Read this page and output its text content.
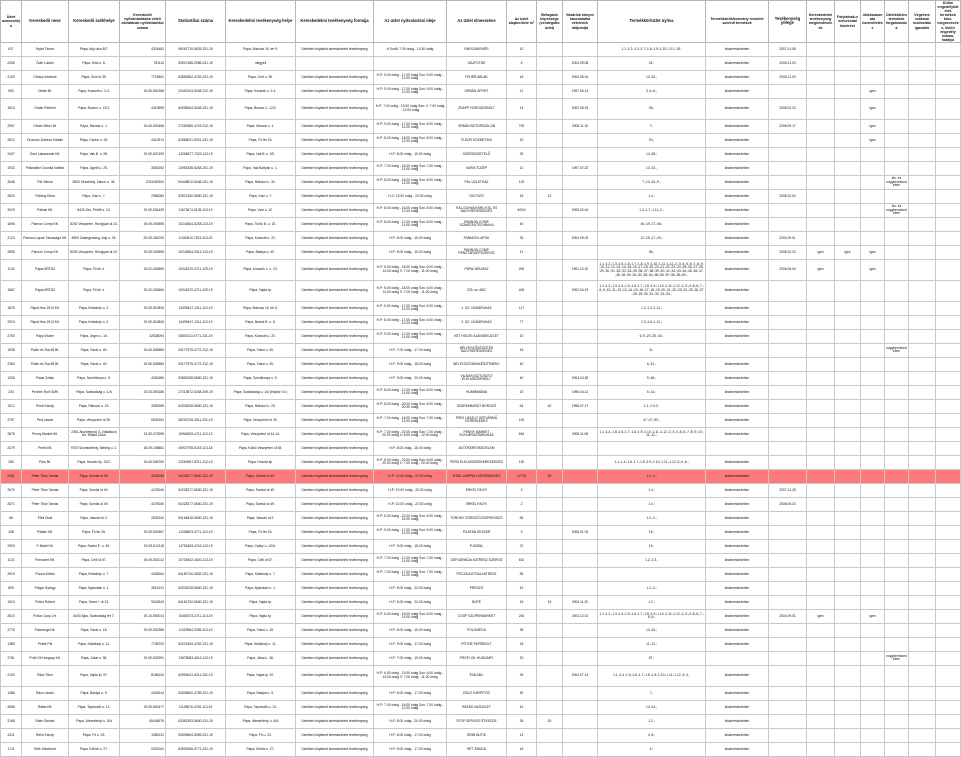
Üzlet azonosítója	Kereskedő neve	Kereskedő székhelye	Kereskedő nyilvántartásba vételi okiratának nyilvántartási száma	Statisztikai száma	Kereskedelmi tevékenység helye	Kereskedelmi tevékenység formája	Az üzlet nyitvatartási ideje	Az üzlet elnevezése	Az üzlet alapterülete m²	Befogadó képessége (vendéglátó üzlet)	Vásárlók könyve használatba vételének időpontja	Termékkör/üzlet nyitva	Termékkörök/kormány rendelet szerinti termékek	Tevékenység jellege	Kereskedelmi tevékenység megkezdésének	Folytatnak-e szeszesital kimérést	Játékautomata üzemeltetése	Üzletköteles termékek forgalmazása	Végzésre szakmai módosítás igazolás	Külön engedélyköteles termékek köre, megnevezése, külön engedély száma, hatálya
617	Nyári Tímea	Pápa, Ady utca 8/7.	4324481	56267710-5629-231-19	Pápa, Március 15. tér 9.	Üzletben folytatott kereskedelmi tevékenység	H Szo8: 7:30 óráig - 13:30 óráig	FAKSZAKRUÉR	10			1.1.;1.2.;1.3.;1.7.;1.8.;1.9.;1.10.;1.11.;18.;	kiskereskedelem	2007.01.08						
2396	Őder László	Pápa, Hósi u. 6.	781114	53947488-2956-231-19	megyeil			GÁZFÜTÁR	6		2004.09.08	24.;	kiskereskedelem	2006.11.03						
2109	Orbáry Istvánné	Pápa, Gróf út 39.	7718501	63883552-4752-231-19	Pápa, Gróf u. 39.	Üzletben folytatott kereskedelmi tevékenység	H-P: 9.00 óráig - 17.00 óráig Szo: 9.00 óráig - 12.00 óráig	FEHÉR ABLAK	16		2004.06.04	14.;15.;	kiskereskedelem	2008.11.03						
593	Orbán Bt.	Pápa, Kossuth u. 2-4.	19-06-501368	22430103-5248-212-19	Pápa, Kossuth u. 2-4.	Üzletben folytatott kereskedelmi tevékenység	H-P: 9.00 óráig - 17.00 óráig Szo: 9.00 óráig - 12.00 óráig	ORBÁN SPORT	21		1997.06.13	3.;4.;6.;	kiskereskedelem				igen			
1614	Orbán Péterné	Pápa, Bocsor u. 12/3.	4413599	54098264-5248-231-19	Pápa, Bocsor u. 12/3.	Üzletben folytatott kereskedelmi tevékenység	H-P: 7.00 óráig - 19.00 óráig Szo: V: 7.00 óráig - 12.00 óráig	ZNAPP HORGÁSZBOLT	14		2002.05.15	26.;	kiskereskedelem	2005.02.22			igen			
2557	Orbán Sébio Bt.	Pápa, Mezsár u. 1.	19-06-503456	27262986-4719-212-19	Pápa, Mezsár u. 1.	Üzletben folytatott kereskedelmi tevékenység	H-P: 9.00 óráig - 17.00 óráig Szo: 8.00 óráig - 12.00 óráig	ORBÁN BÚTORSZALON	700		2006.11.10	7.;	kiskereskedelem	2008.09.17			igen			
2512	Orosvicz-Dubecz Katalin	Pápa, Csutor u. 25.	4412574	61569021-9021-231-19	Pápa, Fő tér 23.	Üzletben folytatott kereskedelmi tevékenység	H-P: 8.00 óráig - 18.00 óráig Szo: 8.00 óráig - 12.00 óráig	FLEÚR KOZMETIKA	20			20.;	kiskereskedelem				igen			
2407	Ózer Lakásszaló Kft.	Pápa, Vak B. u. 59.	19-09-507493	13256577-7023-113-19	Pápa, Vak B. u. 59.	Üzletben folytatott kereskedelmi tevékenység	H-P: 8.00 óráig - 16.00 óráig	ÓZERSZIGETELŐ	25			14.;48.;	kiskereskedelem							
1933	Pálcsáfiné Csonka Valéria	Pápa, Ügető u. 25.	3054292	13953338-5248-231-19	Pápa, Vak Bottyán u. 1.	Üzletben folytatott kereskedelmi tevékenység	H-P: 7.00 óráig - 16.00 óráig Szo: 7.00 óráig - 12.00 óráig	VARIA TÜZÉP	12		1997.07.22	14.;23.;	kiskereskedelem							
2648	Pál Vilmos	8300 Keszthely, Zamor u. 36.	2011090303	54448810-5246-231-19	Pápa, Rákóczi u. 30.	Üzletben folytatott kereskedelmi tevékenység	H-P: 8.00 óráig - 16.00 óráig Szo: 8.00 óráig - 12.00 óráig	PÁL ÜZLETHÁZ	102			7.;14.;15.;9.;	kiskereskedelem					kis- és nagykereskedelem		
2820	Pallang Erika	Pápa, Vázi u. 7.	2966083	53921280-5630-231-19	Pápa, Vázi u. 7.	Üzletben folytatott kereskedelmi tevékenység	H-V: 13.00 óráig - 20.00 óráig	FAGYIZÓ	16	12		1.4.;	kiskereskedelem	2008.10.02						
2019	Pálmai Kft.	8420 Zirc, Petőfi u. 14.	19-09-504439	11673874-5139-113-19	Pápa, Vázi u. 12.	Üzletben folytatott kereskedelmi tevékenység	H-P: 8.00 óráig - 16.00 óráig Szo: 8.00 óráig - 12.00 óráig	ITAL-DOHÁNYÁRU KIS- ÉS NAGYKERESKEDÉS	400/4		2009.02.04	1.3.;1.7.;1.11.;2.;	kiskereskedelem					kis- és nagykereskedelem		
1696	Pannon Comp Kft.	8200 Veszprém, Hóvigyári út 24.	19-09-000595	10242664-5248-113-19	Pápa, Türök B. u. 15.	Üzletben folytatott kereskedelmi tevékenység	H-P: 8.00 óráig - 17.00 óráig Szo: 8.00 óráig - 12.00 óráig	PANNON COMP SZÁMÍTÁSTECHNIKAI	40			46.;19.;17.;46.;	kiskereskedelem							
2124	Pannon Lapok Társasága Kft.	8900 Zalaegerszeg, Ady u. 35.	20-09-061030	11340510-7513-113-20	Pápa, Kossuth u. 22.	Üzletben folytatott kereskedelmi tevékenység	H-P: 8.00 óráig - 16.00 óráig	PANNON LAPOK	33		2004.09.03	12.;16.;17.;43.;	kiskereskedelem	2004.09.01						
2895	Pannon Comp Kft.	8200 Veszprém, Hóvigyári út 24.	19-09-000595	10242664-3312-113-19	Pápa, Bástya u. 40.	Üzletben folytatott kereskedelmi tevékenység	H-P: 8.00 óráig - 16.00 óráig	PANNON COMP PÉNZTÁRGÉPSZERVÍZ	11			55.;	kiskereskedelem	2008.10.22	igen	igen	igen			
1140	Pápai ÁFÉSZ	Pápa, Fő tér 4.	19-02-000660	10042470-4711-129-19	Pápa, Kossuth L. u. 13.	Üzletben folytatott kereskedelmi tevékenység	H-P: 6.00 óráig - 18.00 óráig Szo: 6.00 óráig - 14.00 óráig V: 7.00 óráig - 11.00 óráig	PÁPAI ÁRUHÁZ	200		1991.12.20	1.1.;1.2.;1.3.;1.5.;1.6.;1.7.;1.8.;1.9.;1.10.;1.11.;1.12.;2.;3.;4.;5.;6.;7.;8.;9.;10.;11.;12.;13.;14.;15.;16.;17.;18.;19.;20.;21.;22.;23.;24.;25.;26.;27.;28.;29.;30.;31.;32.;33.;34.;35.;36.;37.;38.;39.;40.;41.;42.;43.;44.;45.;46.;47.;48.;49.;50.;51.;52.;53.;54.;55.;56.;57.;58.;59.;60.;	kiskereskedelem	2006.06.04	igen		igen			
1867	Pápai ÁFÉSZ	Pápa, Fő tér 4.	19-02-000660	10042470-4711-129-19	Pápa, Vajda tp.	Üzletben folytatott kereskedelmi tevékenység	H-P: 6.00 óráig - 18.00 óráig Szo: 6.00 óráig - 14.00 óráig V: 7.00 óráig - 11.00 óráig	203. sz. ABC	400		2002.04.19	1.1.;1.2.;1.3.;1.4.;1.5.;1.6.;1.7.;1.8.;1.9.;1.10.;1.11.;1.12.;2.;3.;4.;5.;6.;7.;8.;9.;10.;11.;12.;13.;14.;15.;16.;17.;18.;19.;20.;21.;22.;23.;24.;25.;26.;27.;28.;29.;30.;31.;32.;33.;34.;	kiskereskedelem							
1875	Pápai Hús 1913 Kft.	Pápa, Kisfaludy u. 2.	19-09-510826	14495447-1011-113-19	Pápa, Március 15. tér 8.	Üzletben folytatott kereskedelmi tevékenység	H-P: 6.00 óráig - 17.00 óráig Szo: 6.00 óráig - 12.00 óráig	1. SZ. HÚSÁRUHÁZ	117			1.2.;1.3.;1.11.;	kiskereskedelem							
2924	Pápai Hús 1913 Kft.	Pápa, Kisfaludy u. 2.	19-09-510826	14495447-1011-113-19	Pápa, Bartók B. u. 8.	Üzletben folytatott kereskedelmi tevékenység	H-P: 6.00 óráig - 17.00 óráig Szo: 6.00 óráig - 12.00 óráig	2. SZ. HÚSÁRUHÁZ	77			1.3.;1.6.;1.11.;	kiskereskedelem							
2750	Papp Eszter	Pápa, Jegec u. 16.	42528094	63501113-4771-231-19	Pápa, Kossuth u. 20.	Üzletben folytatott kereskedelmi tevékenység	H-P: 9.00 óráig - 17.00 óráig Szo: 9.00 óráig - 12.00 óráig	KÉT HÖLKE AJÁNDÉKÜZLET	20			6.;9.;20.;25.;43.;	kiskereskedelem							
1938	Patkó és Tsa 98 Bt.	Pápa, Vázsi u. 40.	19-06-506583	20177975-4772-212-19	Pápa, Vázsi u. 40.	Üzletben folytatott kereskedelmi tevékenység	H-P: 7.00 óráig - 17.00 óráig	BÉLYEGZŐKÉSZÍTÉS NAGYKERESKEDÉS	15			6.;						nagykereskedelem		
2384	Patkó és Tsa 98 Bt.	Pápa, Vázsi u. 40.	19-06-506583	20177975-4772-212-19	Pápa, Vázsi u. 40.	Üzletben folytatott kereskedelmi tevékenység	H-P: 9.00 óráig - 18.00 óráig	BÉLYEGZŐ/ÁRAKÉSZÍTMÉNY	40			6.;41.;	kiskereskedelem							
1306	Pávai Zoltán	Pápa, Szentilonya u. 5.	4391680	53892258-5630-231-19	Pápa, Szentilonya u. 5.	Üzletben folytatott kereskedelmi tevékenység	H-P: 9.00 óráig - 20.00 óráig	VILÁGKOSZTOSZTÓ ÉLELMISZERBOLT	40		2004.04.28	9.;46.;	kiskereskedelem							
234	Pechler Rolf GMK	Pápa, Szabadság u. 1/A	19-03-500186	27213872-5248-249-19	Pápa, Szabadság u. 1/A (Hajdúr 10.)	Üzletben folytatott kereskedelmi tevékenység	H-P: 8.00 óráig - 17.00 óráig Szo: 8.00 óráig - 12.00 óráig	HUMMIMÁMA	15		1995.04.12	5.;14.;	kiskereskedelem							
1012	Perdi Károly	Pápa, Rákóczi u. 23.	3355269	54333008-5630-231-19	Pápa, Rákóczi u. 23.	Üzletben folytatott kereskedelmi tevékenység	H-P: 8.00 óráig - 20.00 óráig Szo: 8.00 óráig - 20.00 óráig	SZÜRKEBARÁT BOROZÓ	64	40	1998.07.17	1.2.;1.9.2.;	kiskereskedelem							
2797	Perj László	Pápa, Veszprémi út 30.	5539151	65253746-4511-231-19	Pápa, Veszprémi út 30.	Üzletben folytatott kereskedelmi tevékenység	H-P: 7.00 óráig - 16.00 óráig Szo: 7.00 óráig - 12.00 óráig	PERJ LÁSZLÓ GÉPJÁRMŰ KERESKEDÉS	100			47.;47.;50.;	kiskereskedelem							
2875	Penny Market Kft.	2351 Alsónémedi, E-Vállalkozó tér. 5/Bald.21km	13-09-072999	10960629-4711-113-13	Pápa, Veszprémi út 14-14.	Üzletben folytatott kereskedelmi tevékenység	H-P: 7.00 óráig - 20.00 óráig Szo: 7.00 óráig - 20.00 óráig V: 8.00 óráig - 12.00 óráig	PENNY MARKET ÉLELMISZERÁRUHÁZ	654		2008.11.08	1.1.;1.4.;1.5.;1.6.;1.7.;1.8.;1.9.;1.10.;1.11.;1.12.;2.;3.;4.;5.;6.;7.;8.;9.;10.;11.;12.;	kiskereskedelem							
2479	Perint Kft.	9700 Szombathely, Mérleg u. 1.	18-09-106861	40937755-5119-113-18	Pápa, Külsö Veszprémi út 38.	Üzletben folytatott kereskedelmi tevékenység	H-P: 8.00 óráig - 16.00 óráig	AUTÓKERESKEDELEM												
280	Pers Bt.	Pápa, Huszár ltp. 31/C	19-06-506760	22264957-5211-212-19	Pápa, Huszár ltp.	Üzletben folytatott kereskedelmi tevékenység	H-P: 8.00 óráig - 20.00 óráig Szo: 6.00 óráig - 20.00 óráig V: 7.00 óráig - 20.00 óráig	PERS ÉLELMISZERKERESKEDÉS	130			1.1.;1.4.;1.6.;1.7.;1.8.;1.9.;1.10.;1.11.;1.12.;3.;4.;6.;	kiskereskedelem							
2451	Péter Tibor Tamás	Pápa, Somlai út 49.	4476040	54228277-5630-231-19	Pápa, Somlai út 49.	Üzletben folytatott kereskedelmi tevékenység	H-P: 10.00 óráig - 22.00 óráig	ÉJJEL-NAPPALI KERESKEDÉS	12778	90		1.2.;4.;	kiskereskedelem							
2670	Péter Tibor Tamás	Pápa, Somlai út 49.	4476040	54228277-5630-231-19	Pápa, Somlai út 49.	Üzletben folytatott kereskedelmi tevékenység	H-P: 10.00 óráig - 22.00 óráig	ERKÉL FAGYI	3			1.4.;	kiskereskedelem	2007.12.28						
2671	Péter Tibor Tamás	Pápa, Somlai út 49.	4476040	54228277-5630-231-19	Pápa, Somlai út 49.	Üzletben folytatott kereskedelmi tevékenység	H-P: 10.00 óráig - 22.00 óráig	ERKÉL FAGYI	2			1.4.;	kiskereskedelem	2008.05.23						
68	Pfeil Zsolt	Pápa, Vaszari út 2.	2830242	54164816-5630-231-19	Pápa, Vaszari út 2.	Üzletben folytatott kereskedelmi tevékenység	H-P: 6.30 óráig - 22.00 óráig Szo: 6.30 óráig - 22.00 óráig	TORONY SÖRÖZŐ ESZPRESSZÓ	65			1.2.;4.;	kiskereskedelem							
438	Pilatán Kft.	Pápa, Fő tér 25.	19-09-500467	11336603-4771-113-19	Pápa, Fő tér 23.	Üzletben folytatott kereskedelmi tevékenység	H-P: 9.00 óráig - 17.00 óráig Szo: 9.00 óráig - 12.00 óráig	PILATÁN ÉKSZER	2		2006.01.03	15.;	kiskereskedelem							
2993	P-Mobil Kft.	Pápa, Szabó E. u. 49.	19-09-512118	14753433-4742-113-19	Pápa, Csáky u. 12/A.	Üzletben folytatott kereskedelmi tevékenység	H-P: 9.00 óráig - 18.00 óráig	P-MOBIL	22			19.;	kiskereskedelem							
1121	Pneucent Kft.	Pápa, Celli út 67.	19-09-501012	10735442-4520-113-19	Pápa, Celli út 67.	Üzletben folytatott kereskedelmi tevékenység	H-P: 7.00 óráig - 17.00 óráig Szo: 7.00 óráig - 12.00 óráig	GÉPJÁRMŰALKATRÉSZ SZERVIZ	631			1.2.;1.3.;	kiskereskedelem							
2919	Pócza Zoltán	Pápa, Kisfaludy u. 7.	4408264	64180740-4532-231-19	Pápa, Kisfaludy u. 7.	Üzletben folytatott kereskedelmi tevékenység	H-P: 7.00 óráig - 17.00 óráig Szo: 7.00 óráig - 12.00 óráig	PÓCZA AUTÓALKATRÉSZ	55				kiskereskedelem							
809	Polgár György	Pápa, Nyárutaki u. 1.	3919131	54332228-5630-231-19	Pápa, Nyárutaki u. 1.	Üzletben folytatott kereskedelmi tevékenység	H-P: 8.00 óráig - 22.00 óráig	PRESZÓ	42			1.2.;4.;	kiskereskedelem							
1910	Polics Róbert	Pápa, Szent I. út 13.	9042843	64181702-5630-231-19	Pápa, Vajda tp.	Üzletben folytatott kereskedelmi tevékenység	H-P: 6.00 óráig - 22.00 óráig	BÜFÉ	16	16	2004.11.20	1.2.;	kiskereskedelem							
2610	Pollux Coop Zrt.	8400 Ajka, Szabadság tér 7.	19-10-500014	10460374-4711-114-19	Pápa, Vajda tp.	Üzletben folytatott kereskedelmi tevékenység	H-P: 6.00 óráig - 19.00 óráig Szo: 6.00 óráig - 13.00 óráig	COOP SZUPERMARKET	200		2004.12.01	1.1.;1.2.;1.3.;1.4.;1.5.;1.6.;1.7.;1.8.;1.9.;1.10.;1.11.;1.12.;2.;3.;4.;5.;6.;7.;8.;9.;	kiskereskedelem	2004.09.01	igen		igen			
2776	Polomega Kft.	Pápa, Vázsi u. 18.	19-09-501585	11329584-2059-113-19	Pápa, Vázsi u. 18.	Üzletben folytatott kereskedelmi tevékenység	H-P: 8.00 óráig - 16.00 óráig	POLOMEGA	38			14.;15.;	kiskereskedelem							
1389	Póthé Pál	Pápa, Kisfaludy u. 11.	7738702	54221554-4762-231-19	Pápa, Kisfaludy u. 11.	Üzletben folytatott kereskedelmi tevékenység	H-P: 9.00 óráig - 17.00 óráig	PÓTHÉ PAPÍRBOLT	18			11.;12.;	kiskereskedelem							
2781	Profi-Oil Hungary Kft.	Pápa, Jókai u. 38.	19-09-502991	13678083-4612-113-19	Pápa, Jókai u. 38.	Üzletben folytatott kereskedelmi tevékenység	H-P: 7.00 óráig - 15.00 óráig	PROFI-OIL HUNGARY	20			57.;						nagykereskedelem		
2100	Rácz Tibor	Pápa, Vajda tp. 57.	8186104	62994041-5211-231-19	Pápa, Vajda tp. 57.	Üzletben folytatott kereskedelmi tevékenység	H-P: 6.00 óráig - 19.00 óráig Szo: 6.00 óráig - 13.00 óráig V: 7.00 óráig - 11.00 óráig	ÉVA ABC	26		2004.07.14	1.1.;1.4.;1.5.;1.6.;1.7.;1.8.;1.9.;1.10.;1.11.;1.12.;3.;4.;	kiskereskedelem							
1486	Rácz László	Pápa, Bástya u. 9.	4402614	54336600-4759-231-19	Pápa, Bástya u. 9.	Üzletben folytatott kereskedelmi tevékenység	H-P: 8.00 óráig - 17.00 óráig	RÁCZ KÁRPITOS	30			7.;	kiskereskedelem							
2688	Ráfás Kft.	Pápa, Tapolcafő u. 12.	19-09-500477	11128876-4752-113-19	Pápa, Tapolcafő u. 12.	Üzletben folytatott kereskedelmi tevékenység	H-P: 7.00 óráig - 16.00 óráig Szo: 7.00 óráig - 12.00 óráig	RÁFÁS VASÜZLET	42			13.;14.;	kiskereskedelem							
2168	Ralm Sándor	Pápa, Wesselényi u. 5/A	65444576	63352393-5630-231-19	Pápa, Wesselényi u. 5/A	Üzletben folytatott kereskedelmi tevékenység	H-P: 8.00 óráig - 20.00 óráig	STOP SERVICE ÉTKEZDE	35	30		1.2.;	kiskereskedelem							
2411	Reim Károly	Pápa, Fő u. 23.	1985131	54305984-5059-231-19	Pápa, Fő u. 23.	Üzletben folytatott kereskedelmi tevékenység	H-P: 8.00 óráig - 17.00 óráig	REIM BUTIK	14			4.;5.;	kiskereskedelem							
1711	Reik Sándorné	Pápa, Kőrösi u. 27.	9301041	63592356-4771-231-19	Pápa, Kőrösi u. 27.	Üzletben folytatott kereskedelmi tevékenység	H-P: 9.00 óráig - 17.00 óráig	RÉT ÁRUDA	16			4.;	kiskereskedelem							
